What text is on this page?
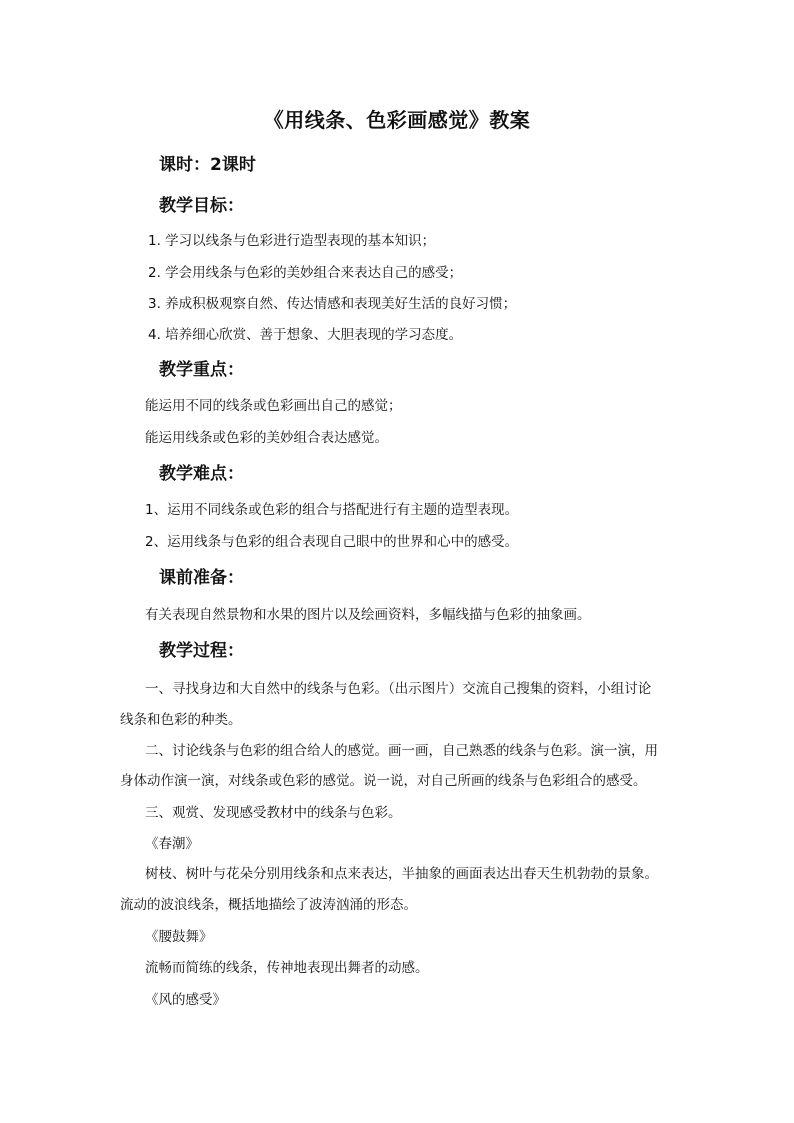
《用线条、色彩画感觉》教案
课时：2课时
教学目标：
1. 学习以线条与色彩进行造型表现的基本知识；
2. 学会用线条与色彩的美妙组合来表达自己的感受；
3. 养成积极观察自然、传达情感和表现美好生活的良好习惯；
4. 培养细心欣赏、善于想象、大胆表现的学习态度。
教学重点：
能运用不同的线条或色彩画出自己的感觉；
能运用线条或色彩的美妙组合表达感觉。
教学难点：
1、运用不同线条或色彩的组合与搭配进行有主题的造型表现。
2、运用线条与色彩的组合表现自己眼中的世界和心中的感受。
课前准备：
有关表现自然景物和水果的图片以及绘画资料，多幅线描与色彩的抽象画。
教学过程：
一、寻找身边和大自然中的线条与色彩。（出示图片）交流自己搜集的资料，小组讨论
线条和色彩的种类。
二、讨论线条与色彩的组合给人的感觉。画一画，自己熟悉的线条与色彩。演一演，用
身体动作演一演，对线条或色彩的感觉。说一说，对自己所画的线条与色彩组合的感受。
三、观赏、发现感受教材中的线条与色彩。
《春潮》
树枝、树叶与花朵分别用线条和点来表达，半抽象的画面表达出春天生机勃勃的景象。
流动的波浪线条，概括地描绘了波涛汹涌的形态。
《腰鼓舞》
流畅而简练的线条，传神地表现出舞者的动感。
《风的感受》
